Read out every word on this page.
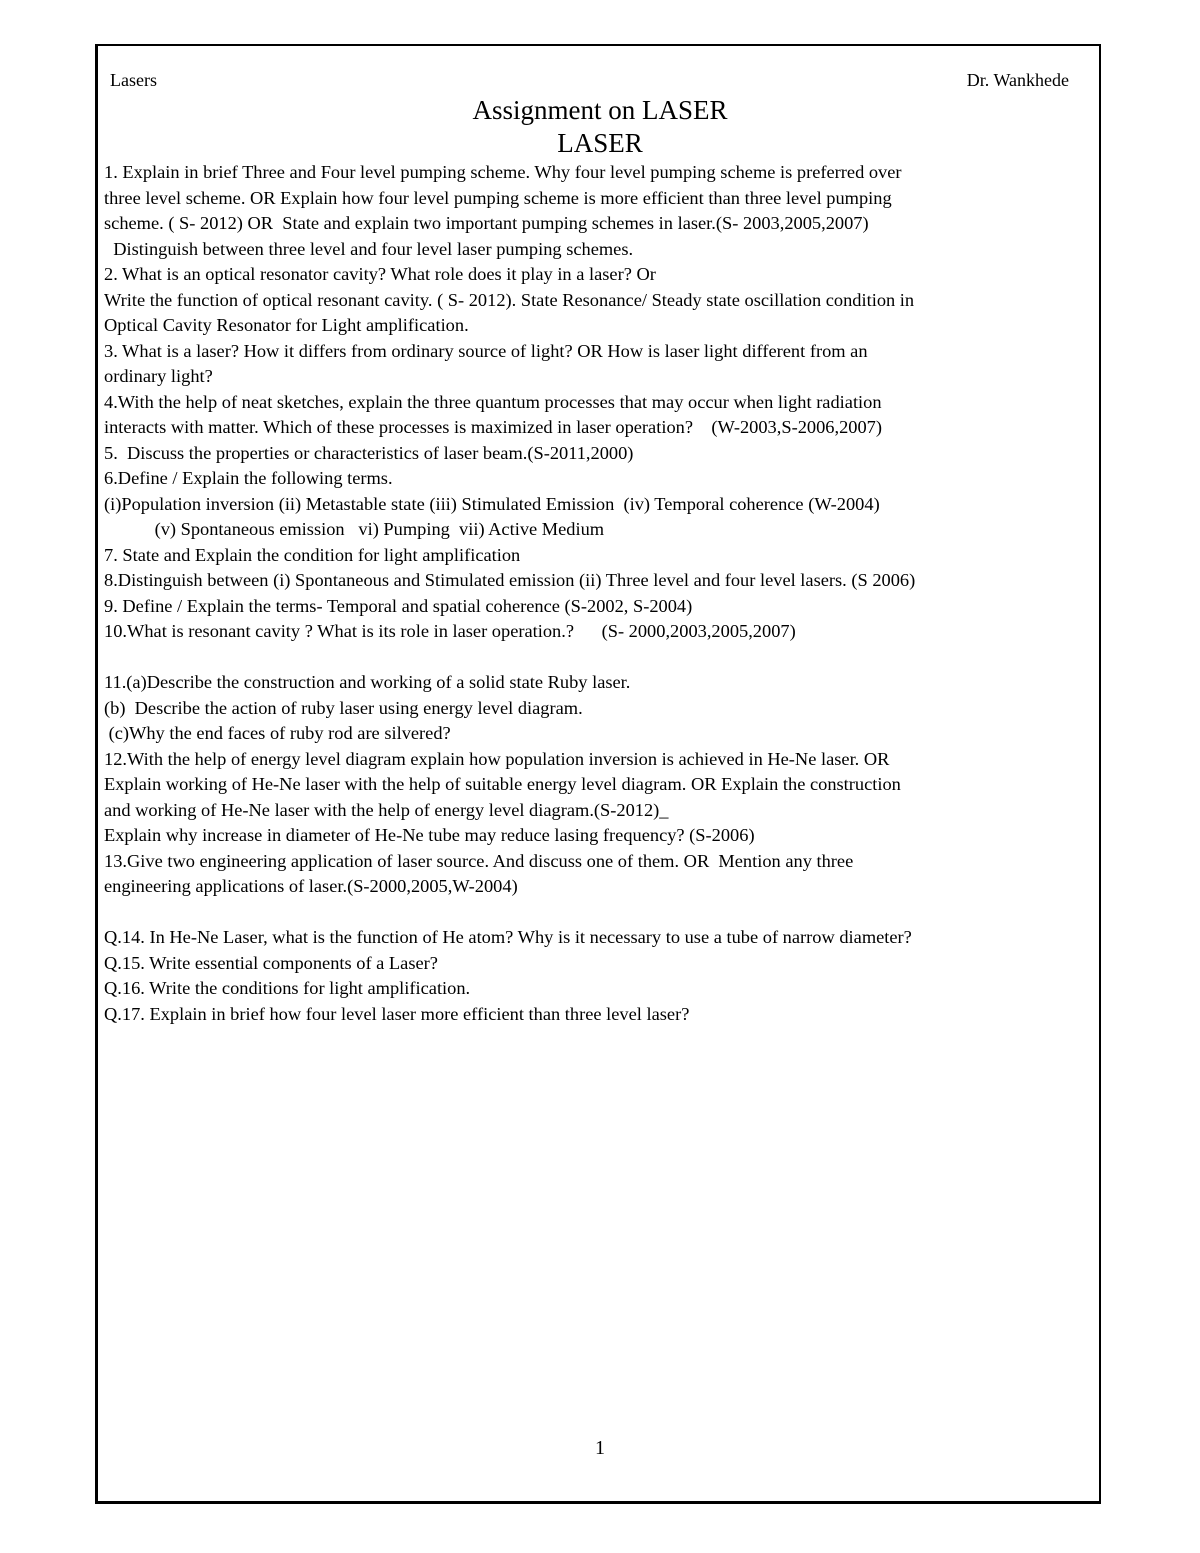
Lasers	Dr. Wankhede
Assignment on LASER
LASER
1. Explain in brief Three and Four level pumping scheme. Why four level pumping scheme is preferred over
three level scheme. OR Explain how four level pumping scheme is more efficient than three level pumping
scheme. ( S- 2012) OR  State and explain two important pumping schemes in laser.(S- 2003,2005,2007)
Distinguish between three level and four level laser pumping schemes.
2. What is an optical resonator cavity? What role does it play in a laser? Or
Write the function of optical resonant cavity. ( S- 2012). State Resonance/ Steady state oscillation condition in
Optical Cavity Resonator for Light amplification.
3. What is a laser? How it differs from ordinary source of light? OR How is laser light different from an
ordinary light?
4.With the help of neat sketches, explain the three quantum processes that may occur when light radiation
interacts with matter. Which of these processes is maximized in laser operation?    (W-2003,S-2006,2007)
5.  Discuss the properties or characteristics of laser beam.(S-2011,2000)
6.Define / Explain the following terms.
(i)Population inversion (ii) Metastable state (iii) Stimulated Emission  (iv) Temporal coherence (W-2004)
(v) Spontaneous emission   vi) Pumping  vii) Active Medium
7. State and Explain the condition for light amplification
8.Distinguish between (i) Spontaneous and Stimulated emission (ii) Three level and four level lasers. (S 2006)
9. Define / Explain the terms- Temporal and spatial coherence (S-2002, S-2004)
10.What is resonant cavity ? What is its role in laser operation.?      (S- 2000,2003,2005,2007)
11.(a)Describe the construction and working of a solid state Ruby laser.
(b)  Describe the action of ruby laser using energy level diagram.
(c)Why the end faces of ruby rod are silvered?
12.With the help of energy level diagram explain how population inversion is achieved in He-Ne laser. OR
Explain working of He-Ne laser with the help of suitable energy level diagram. OR Explain the construction
and working of He-Ne laser with the help of energy level diagram.(S-2012)_
Explain why increase in diameter of He-Ne tube may reduce lasing frequency? (S-2006)
13.Give two engineering application of laser source. And discuss one of them. OR  Mention any three
engineering applications of laser.(S-2000,2005,W-2004)
Q.14. In He-Ne Laser, what is the function of He atom? Why is it necessary to use a tube of narrow diameter?
Q.15. Write essential components of a Laser?
Q.16. Write the conditions for light amplification.
Q.17. Explain in brief how four level laser more efficient than three level laser?
1
